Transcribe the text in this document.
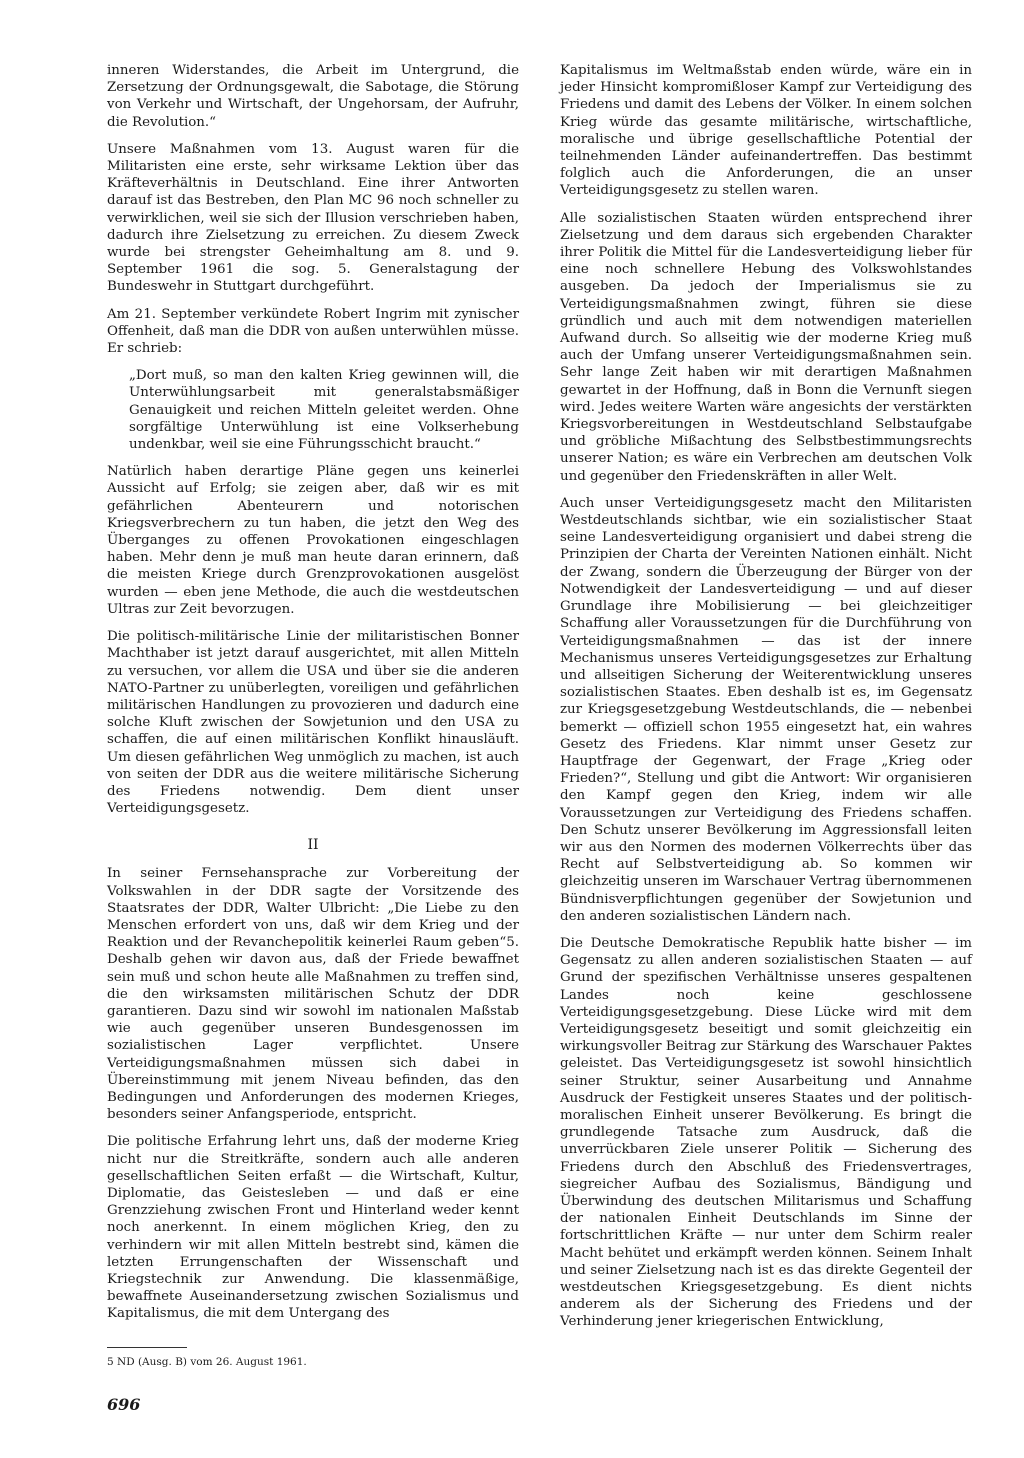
inneren Widerstandes, die Arbeit im Untergrund, die Zersetzung der Ordnungsgewalt, die Sabotage, die Störung von Verkehr und Wirtschaft, der Ungehorsam, der Aufruhr, die Revolution.“

Unsere Maßnahmen vom 13. August waren für die Militaristen eine erste, sehr wirksame Lektion über das Kräfteverhältnis in Deutschland. Eine ihrer Antworten darauf ist das Bestreben, den Plan MC 96 noch schneller zu verwirklichen, weil sie sich der Illusion verschrieben haben, dadurch ihre Zielsetzung zu erreichen. Zu diesem Zweck wurde bei strengster Geheimhaltung am 8. und 9. September 1961 die sog. 5. Generalstagung der Bundeswehr in Stuttgart durchgeführt.

Am 21. September verkündete Robert Ingrim mit zynischer Offenheit, daß man die DDR von außen unterwühlen müsse. Er schrieb:

„Dort muß, so man den kalten Krieg gewinnen will, die Unterwühlungsarbeit mit generalstabsmäßiger Genauigkeit und reichen Mitteln geleitet werden. Ohne sorgfältige Unterwühlung ist eine Volkserhebung undenkbar, weil sie eine Führungsschicht braucht.“

Natürlich haben derartige Pläne gegen uns keinerlei Aussicht auf Erfolg; sie zeigen aber, daß wir es mit gefährlichen Abenteurern und notorischen Kriegsverbrechern zu tun haben, die jetzt den Weg des Überganges zu offenen Provokationen eingeschlagen haben. Mehr denn je muß man heute daran erinnern, daß die meisten Kriege durch Grenzprovokationen ausgelöst wurden — eben jene Methode, die auch die westdeutschen Ultras zur Zeit bevorzugen.

Die politisch-militärische Linie der militaristischen Bonner Machthaber ist jetzt darauf ausgerichtet, mit allen Mitteln zu versuchen, vor allem die USA und über sie die anderen NATO-Partner zu unüberlegten, voreiligen und gefährlichen militärischen Handlungen zu provozieren und dadurch eine solche Kluft zwischen der Sowjetunion und den USA zu schaffen, die auf einen militärischen Konflikt hinausläuft. Um diesen gefährlichen Weg unmöglich zu machen, ist auch von seiten der DDR aus die weitere militärische Sicherung des Friedens notwendig. Dem dient unser Verteidigungsgesetz.

II

In seiner Fernsehansprache zur Vorbereitung der Volkswahlen in der DDR sagte der Vorsitzende des Staatsrates der DDR, Walter Ulbricht: „Die Liebe zu den Menschen erfordert von uns, daß wir dem Krieg und der Reaktion und der Revanchepolitik keinerlei Raum geben“5. Deshalb gehen wir davon aus, daß der Friede bewaffnet sein muß und schon heute alle Maßnahmen zu treffen sind, die den wirksamsten militärischen Schutz der DDR garantieren. Dazu sind wir sowohl im nationalen Maßstab wie auch gegenüber unseren Bundesgenossen im sozialistischen Lager verpflichtet. Unsere Verteidigungsmaßnahmen müssen sich dabei in Übereinstimmung mit jenem Niveau befinden, das den Bedingungen und Anforderungen des modernen Krieges, besonders seiner Anfangsperiode, entspricht.

Die politische Erfahrung lehrt uns, daß der moderne Krieg nicht nur die Streitkräfte, sondern auch alle anderen gesellschaftlichen Seiten erfaßt — die Wirtschaft, Kultur, Diplomatie, das Geistesleben — und daß er eine Grenzziehung zwischen Front und Hinterland weder kennt noch anerkennt. In einem möglichen Krieg, den zu verhindern wir mit allen Mitteln bestrebt sind, kämen die letzten Errungenschaften der Wissenschaft und Kriegstechnik zur Anwendung. Die klassenmäßige, bewaffnete Auseinandersetzung zwischen Sozialismus und Kapitalismus, die mit dem Untergang des

Kapitalismus im Weltmaßstab enden würde, wäre ein in jeder Hinsicht kompromißloser Kampf zur Verteidigung des Friedens und damit des Lebens der Völker. In einem solchen Krieg würde das gesamte militärische, wirtschaftliche, moralische und übrige gesellschaftliche Potential der teilnehmenden Länder aufeinandertreffen. Das bestimmt folglich auch die Anforderungen, die an unser Verteidigungsgesetz zu stellen waren.

Alle sozialistischen Staaten würden entsprechend ihrer Zielsetzung und dem daraus sich ergebenden Charakter ihrer Politik die Mittel für die Landesverteidigung lieber für eine noch schnellere Hebung des Volkswohlstandes ausgeben. Da jedoch der Imperialismus sie zu Verteidigungsmaßnahmen zwingt, führen sie diese gründlich und auch mit dem notwendigen materiellen Aufwand durch. So allseitig wie der moderne Krieg muß auch der Umfang unserer Verteidigungsmaßnahmen sein. Sehr lange Zeit haben wir mit derartigen Maßnahmen gewartet in der Hoffnung, daß in Bonn die Vernunft siegen wird. Jedes weitere Warten wäre angesichts der verstärkten Kriegsvorbereitungen in Westdeutschland Selbstaufgabe und gröbliche Mißachtung des Selbstbestimmungsrechts unserer Nation; es wäre ein Verbrechen am deutschen Volk und gegenüber den Friedenskräften in aller Welt.

Auch unser Verteidigungsgesetz macht den Militaristen Westdeutschlands sichtbar, wie ein sozialistischer Staat seine Landesverteidigung organisiert und dabei streng die Prinzipien der Charta der Vereinten Nationen einhält. Nicht der Zwang, sondern die Überzeugung der Bürger von der Notwendigkeit der Landesverteidigung — und auf dieser Grundlage ihre Mobilisierung — bei gleichzeitiger Schaffung aller Voraussetzungen für die Durchführung von Verteidigungsmaßnahmen — das ist der innere Mechanismus unseres Verteidigungsgesetzes zur Erhaltung und allseitigen Sicherung der Weiterentwicklung unseres sozialistischen Staates. Eben deshalb ist es, im Gegensatz zur Kriegsgesetzgebung Westdeutschlands, die — nebenbei bemerkt — offiziell schon 1955 eingesetzt hat, ein wahres Gesetz des Friedens. Klar nimmt unser Gesetz zur Hauptfrage der Gegenwart, der Frage „Krieg oder Frieden?“, Stellung und gibt die Antwort: Wir organisieren den Kampf gegen den Krieg, indem wir alle Voraussetzungen zur Verteidigung des Friedens schaffen. Den Schutz unserer Bevölkerung im Aggressionsfall leiten wir aus den Normen des modernen Völkerrechts über das Recht auf Selbstverteidigung ab. So kommen wir gleichzeitig unseren im Warschauer Vertrag übernommenen Bündnisverpflichtungen gegenüber der Sowjetunion und den anderen sozialistischen Ländern nach.

Die Deutsche Demokratische Republik hatte bisher — im Gegensatz zu allen anderen sozialistischen Staaten — auf Grund der spezifischen Verhältnisse unseres gespaltenen Landes noch keine geschlossene Verteidigungsgesetzgebung. Diese Lücke wird mit dem Verteidigungsgesetz beseitigt und somit gleichzeitig ein wirkungsvoller Beitrag zur Stärkung des Warschauer Paktes geleistet. Das Verteidigungsgesetz ist sowohl hinsichtlich seiner Struktur, seiner Ausarbeitung und Annahme Ausdruck der Festigkeit unseres Staates und der politisch-moralischen Einheit unserer Bevölkerung. Es bringt die grundlegende Tatsache zum Ausdruck, daß die unverrückbaren Ziele unserer Politik — Sicherung des Friedens durch den Abschluß des Friedensvertrages, siegreicher Aufbau des Sozialismus, Bändigung und Überwindung des deutschen Militarismus und Schaffung der nationalen Einheit Deutschlands im Sinne der fortschrittlichen Kräfte — nur unter dem Schirm realer Macht behütet und erkämpft werden können. Seinem Inhalt und seiner Zielsetzung nach ist es das direkte Gegenteil der westdeutschen Kriegsgesetzgebung. Es dient nichts anderem als der Sicherung des Friedens und der Verhinderung jener kriegerischen Entwicklung,

5 ND (Ausg. B) vom 26. August 1961.
696
